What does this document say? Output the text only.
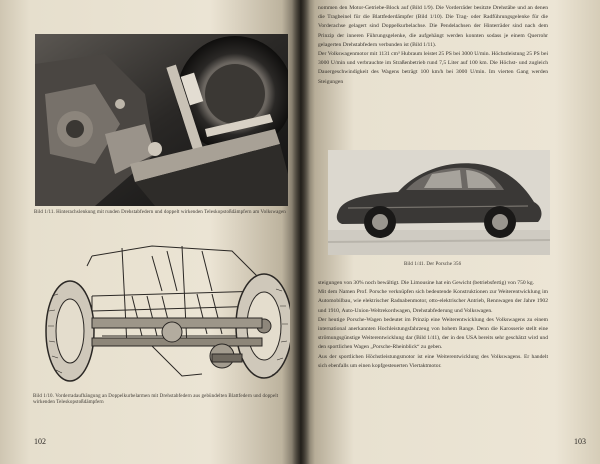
Bild 1/11. Hinterachslenkung mit runden Drehstabfedern und doppelt wirkenden Teleskopstoßdämpfern am Volkswagen
Bild 1/10. Vorderradaufhängung an Doppelkurbelarmen mit Drehstabfedern aus gebündelten Blattfedern und doppelt wirkenden Teleskopstoßdämpfern
102

nommen den Motor-Getriebe-Block auf (Bild 1/9). Die Vorderräder besitzte Drehstäbe und an denen die Tragbeinel für die Blattfederdämpfer (Bild 1/10). Die Trag- oder Radführungsgelenke für die Vorderachse gelagert sind Doppelkurbelachse. Die Pendelachsen der Hinterräder sind nach dem Prinzip der inneren Führungsgelenke, die aufgehängt werden konnten sodass je einem Querrohr gelagerten Drehstabfedern verbunden ist (Bild 1/11).

Der Volkswagenmotor mit 1131 cm³ Hubraum leistet 25 PS bei 3000 U/min. Höchstleistung 25 PS bei 3000 U/min und verbrauchte im Straßenbetrieb rund 7,5 Liter auf 100 km. Die Höchst- und zugleich Dauergeschwindigkeit des Wagens beträgt 100 km/h bei 3000 U/min. Im vierten Gang werden Steigungen

Bild 1/41. Der Porsche 356

steigungen von 30% noch bewältigt. Die Limousine hat ein Gewicht (betriebsfertig) von 750 kg.

Mit dem Namen Prof. Porsche verknüpfen sich bedeutende Konstruktionen zur Weiterentwicklung im Automobilbau, wie elektrischer Radnabenmotor, otto-elektrischer Antrieb, Rennwagen der Jahre 1902 und 1910, Auto-Union-Weltrekordwagen, Drehstabfederung und Volkswagen.

Der heutige Porsche-Wagen bedeutet im Prinzip eine Weiterentwicklung des Volkswagens zu einem international anerkannten Hochleistungsfahrzeug von hohem Range. Denn die Karosserie stellt eine strömungsgünstige Weiterentwicklung dar (Bild 1/41), der in den USA bereits sehr geschätzt wird und den sportlichen Wagen „Porsche-Rheinblick“ zu geben.

Aus der sportlichen Höchstleistungsmotor ist eine Weiterentwicklung des Volkswagens. Er handelt sich ebenfalls um einen kopfgesteuerten Viertaktmotor.

103
